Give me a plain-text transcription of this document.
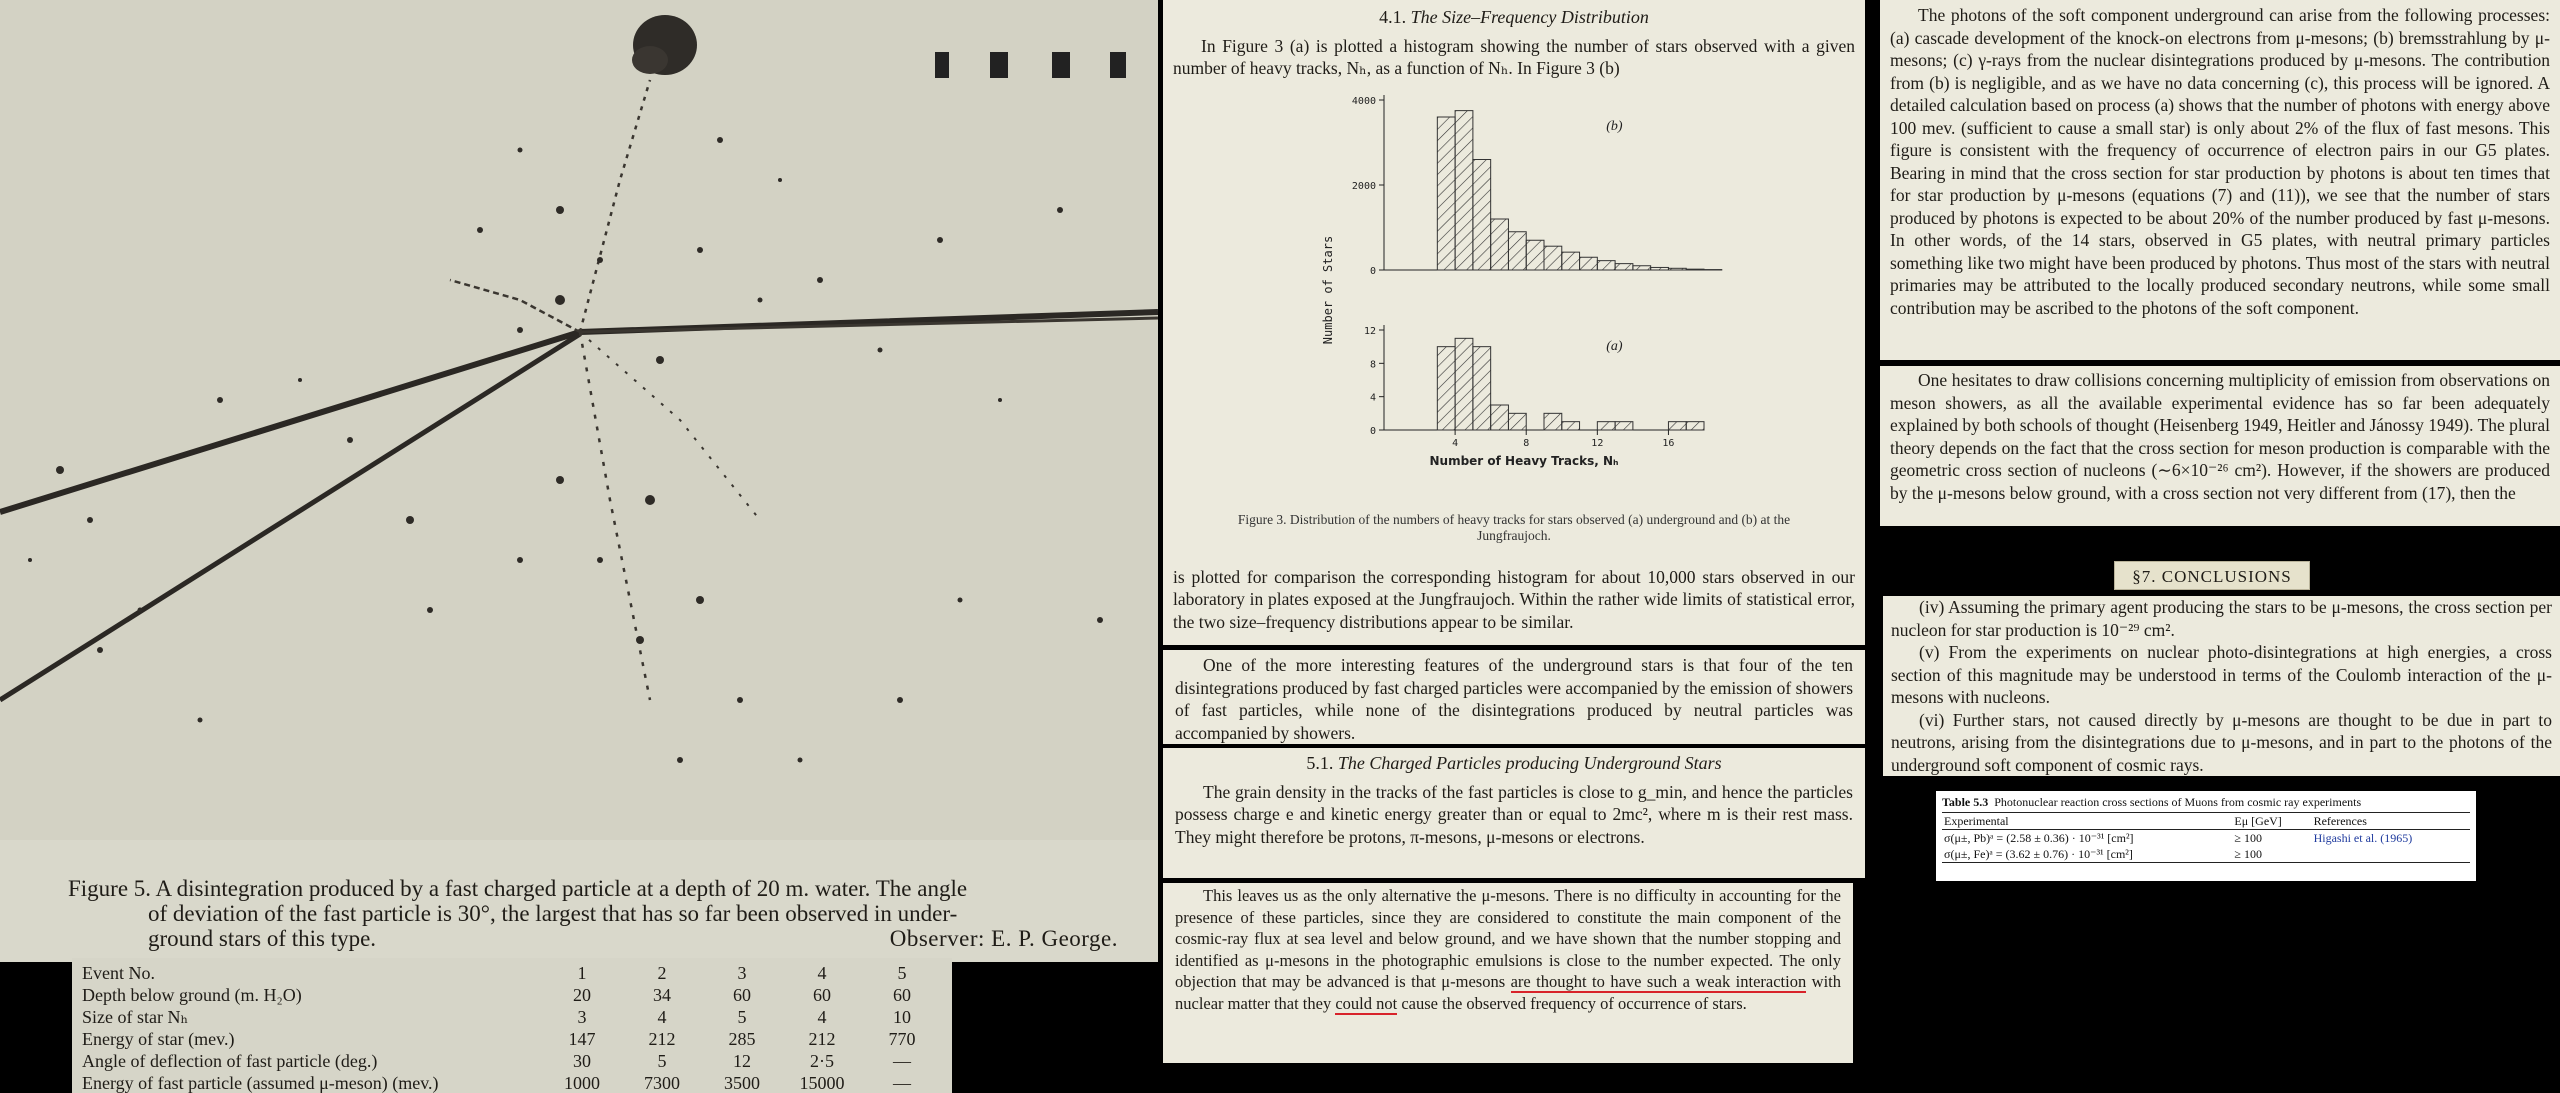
Figure 5. A disintegration produced by a fast charged particle at a depth of 20 m. water. The angle
of deviation of the fast particle is 30°, the largest that has so far been observed in under-
ground stars of this type.	Observer: E. P. George.
Event No.	1	2	3	4	5
Depth below ground (m. H₂O)	20	34	60	60	60
Size of star Nₕ	3	4	5	4	10
Energy of star (mev.)	147	212	285	212	770
Angle of deflection of fast particle (deg.)	30	5	12	2·5	—
Energy of fast particle (assumed μ-meson) (mev.)	1000	7300	3500	15000	—
4.1. The Size–Frequency Distribution

In Figure 3 (a) is plotted a histogram showing the number of stars observed with a given number of heavy tracks, Nₕ, as a function of Nₕ. In Figure 3 (b)

0
2000
4000
(b)
0
4
8
12
(a)
4	8	12	16
Number of Stars
Number of Heavy Tracks, Nₕ
Figure 3. Distribution of the numbers of heavy tracks for stars observed (a) underground and (b) at the Jungfraujoch.

is plotted for comparison the corresponding histogram for about 10,000 stars observed in our laboratory in plates exposed at the Jungfraujoch. Within the rather wide limits of statistical error, the two size–frequency distributions appear to be similar.

One of the more interesting features of the underground stars is that four of the ten disintegrations produced by fast charged particles were accompanied by the emission of showers of fast particles, while none of the disintegrations produced by neutral particles was accompanied by showers.

5.1. The Charged Particles producing Underground Stars

The grain density in the tracks of the fast particles is close to g_min, and hence the particles possess charge e and kinetic energy greater than or equal to 2mc², where m is their rest mass. They might therefore be protons, π-mesons, μ-mesons or electrons.

This leaves us as the only alternative the μ-mesons. There is no difficulty in accounting for the presence of these particles, since they are considered to constitute the main component of the cosmic-ray flux at sea level and below ground, and we have shown that the number stopping and identified as μ-mesons in the photographic emulsions is close to the number expected. The only objection that may be advanced is that μ-mesons are thought to have such a weak interaction with nuclear matter that they could not cause the observed frequency of occurrence of stars.

The photons of the soft component underground can arise from the following processes: (a) cascade development of the knock-on electrons from μ-mesons; (b) bremsstrahlung by μ-mesons; (c) γ-rays from the nuclear disintegrations produced by μ-mesons. The contribution from (b) is negligible, and as we have no data concerning (c), this process will be ignored. A detailed calculation based on process (a) shows that the number of photons with energy above 100 mev. (sufficient to cause a small star) is only about 2% of the flux of fast mesons. This figure is consistent with the frequency of occurrence of electron pairs in our G5 plates. Bearing in mind that the cross section for star production by photons is about ten times that for star production by μ-mesons (equations (7) and (11)), we see that the number of stars produced by photons is expected to be about 20% of the number produced by fast μ-mesons. In other words, of the 14 stars, observed in G5 plates, with neutral primary particles something like two might have been produced by photons. Thus most of the stars with neutral primaries may be attributed to the locally produced secondary neutrons, while some small contribution may be ascribed to the photons of the soft component.

One hesitates to draw collisions concerning multiplicity of emission from observations on meson showers, as all the available experimental evidence has so far been adequately explained by both schools of thought (Heisenberg 1949, Heitler and Jánossy 1949). The plural theory depends on the fact that the cross section for meson production is comparable with the geometric cross section of nucleons (∼6×10⁻²⁶ cm²). However, if the showers are produced by the μ-mesons below ground, with a cross section not very different from (17), then the

§7. CONCLUSIONS

(iv) Assuming the primary agent producing the stars to be μ-mesons, the cross section per nucleon for star production is 10⁻²⁹ cm².

(v) From the experiments on nuclear photo-disintegrations at high energies, a cross section of this magnitude may be understood in terms of the Coulomb interaction of the μ-mesons with nucleons.

(vi) Further stars, not caused directly by μ-mesons are thought to be due in part to neutrons, arising from the disintegrations due to μ-mesons, and in part to the photons of the underground soft component of cosmic rays.

Table 5.3 Photonuclear reaction cross sections of Muons from cosmic ray experiments
Experimental	Eμ [GeV]	References
σ(μ±, Pb)ᵃ = (2.58 ± 0.36) · 10⁻³¹ [cm²]	≥ 100	Higashi et al. (1965)
σ(μ±, Fe)ᵃ = (3.62 ± 0.76) · 10⁻³¹ [cm²]	≥ 100	
